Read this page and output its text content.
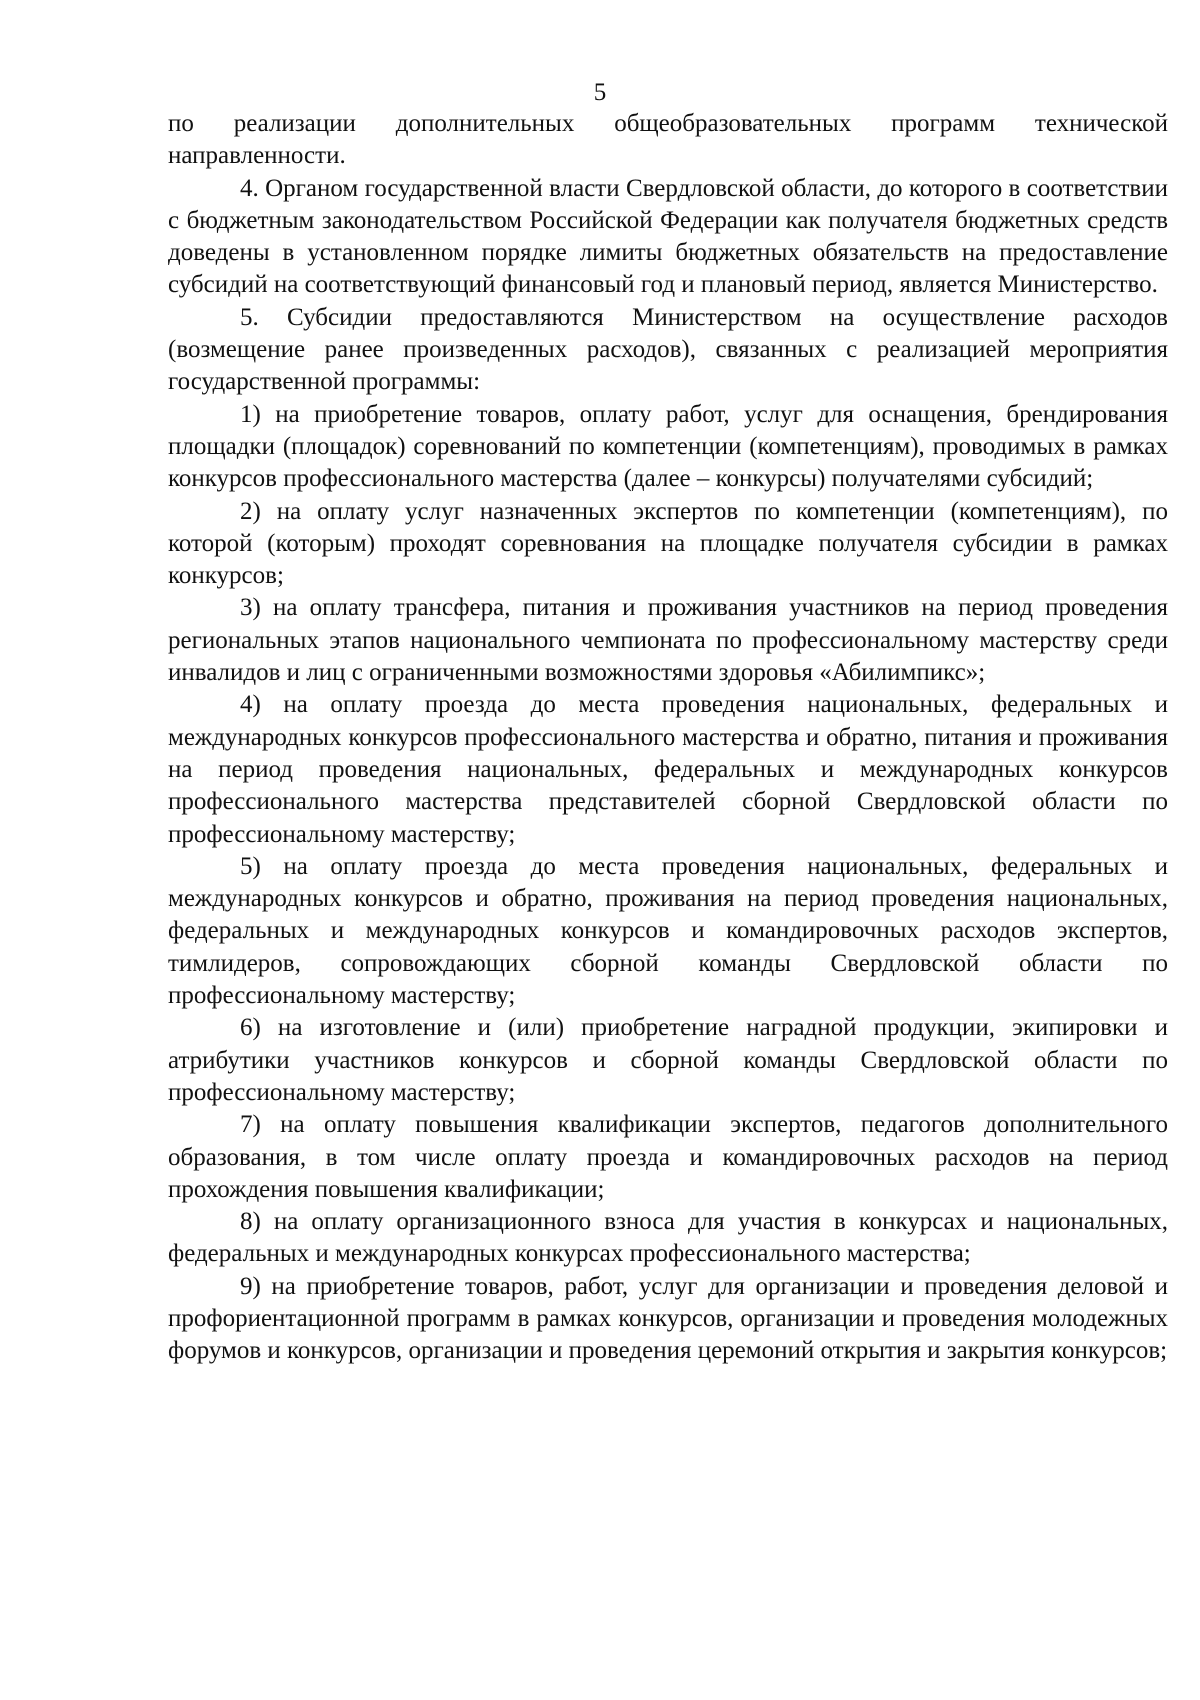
5

по реализации дополнительных общеобразовательных программ технической направленности.

4. Органом государственной власти Свердловской области, до которого в соответствии с бюджетным законодательством Российской Федерации как получателя бюджетных средств доведены в установленном порядке лимиты бюджетных обязательств на предоставление субсидий на соответствующий финансовый год и плановый период, является Министерство.

5. Субсидии предоставляются Министерством на осуществление расходов (возмещение ранее произведенных расходов), связанных с реализацией мероприятия государственной программы:

1) на приобретение товаров, оплату работ, услуг для оснащения, брендирования площадки (площадок) соревнований по компетенции (компетенциям), проводимых в рамках конкурсов профессионального мастерства (далее – конкурсы) получателями субсидий;

2) на оплату услуг назначенных экспертов по компетенции (компетенциям), по которой (которым) проходят соревнования на площадке получателя субсидии в рамках конкурсов;

3) на оплату трансфера, питания и проживания участников на период проведения региональных этапов национального чемпионата по профессиональному мастерству среди инвалидов и лиц с ограниченными возможностями здоровья «Абилимпикс»;

4) на оплату проезда до места проведения национальных, федеральных и международных конкурсов профессионального мастерства и обратно, питания и проживания на период проведения национальных, федеральных и международных конкурсов профессионального мастерства представителей сборной Свердловской области по профессиональному мастерству;

5) на оплату проезда до места проведения национальных, федеральных и международных конкурсов и обратно, проживания на период проведения национальных, федеральных и международных конкурсов и командировочных расходов экспертов, тимлидеров, сопровождающих сборной команды Свердловской области по профессиональному мастерству;

6) на изготовление и (или) приобретение наградной продукции, экипировки и атрибутики участников конкурсов и сборной команды Свердловской области по профессиональному мастерству;

7) на оплату повышения квалификации экспертов, педагогов дополнительного образования, в том числе оплату проезда и командировочных расходов на период прохождения повышения квалификации;

8) на оплату организационного взноса для участия в конкурсах и национальных, федеральных и международных конкурсах профессионального мастерства;

9) на приобретение товаров, работ, услуг для организации и проведения деловой и профориентационной программ в рамках конкурсов, организации и проведения молодежных форумов и конкурсов, организации и проведения церемоний открытия и закрытия конкурсов;
